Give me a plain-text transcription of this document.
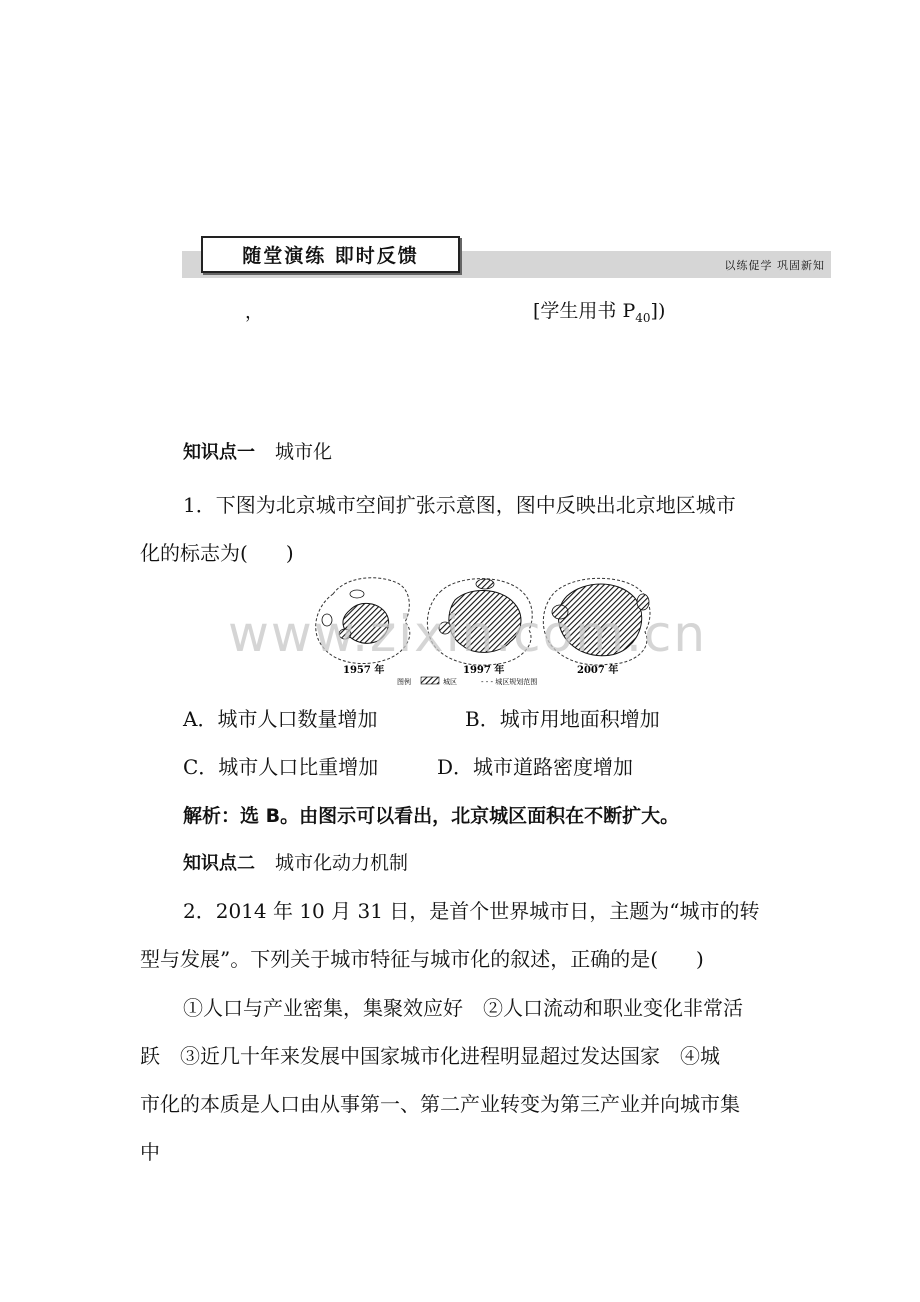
随堂演练 即时反馈	以练促学 巩固新知
，	[学生用书 $P_{40}$])
知识点一 城市化
1．下图为北京城市空间扩张示意图，图中反映出北京地区城市
化的标志为( )
1957 年	1997 年	2007 年
图例	城区	- - - 城区规划范围
www.zixin.com.cn
A．城市人口数量增加	B．城市用地面积增加
C．城市人口比重增加	D．城市道路密度增加
解析：选 B。由图示可以看出，北京城区面积在不断扩大。
知识点二 城市化动力机制
2．2014 年 10 月 31 日，是首个世界城市日，主题为“城市的转
型与发展”。下列关于城市特征与城市化的叙述，正确的是( )
①人口与产业密集，集聚效应好　②人口流动和职业变化非常活
跃　③近几十年来发展中国家城市化进程明显超过发达国家　④城
市化的本质是人口由从事第一、第二产业转变为第三产业并向城市集
中
